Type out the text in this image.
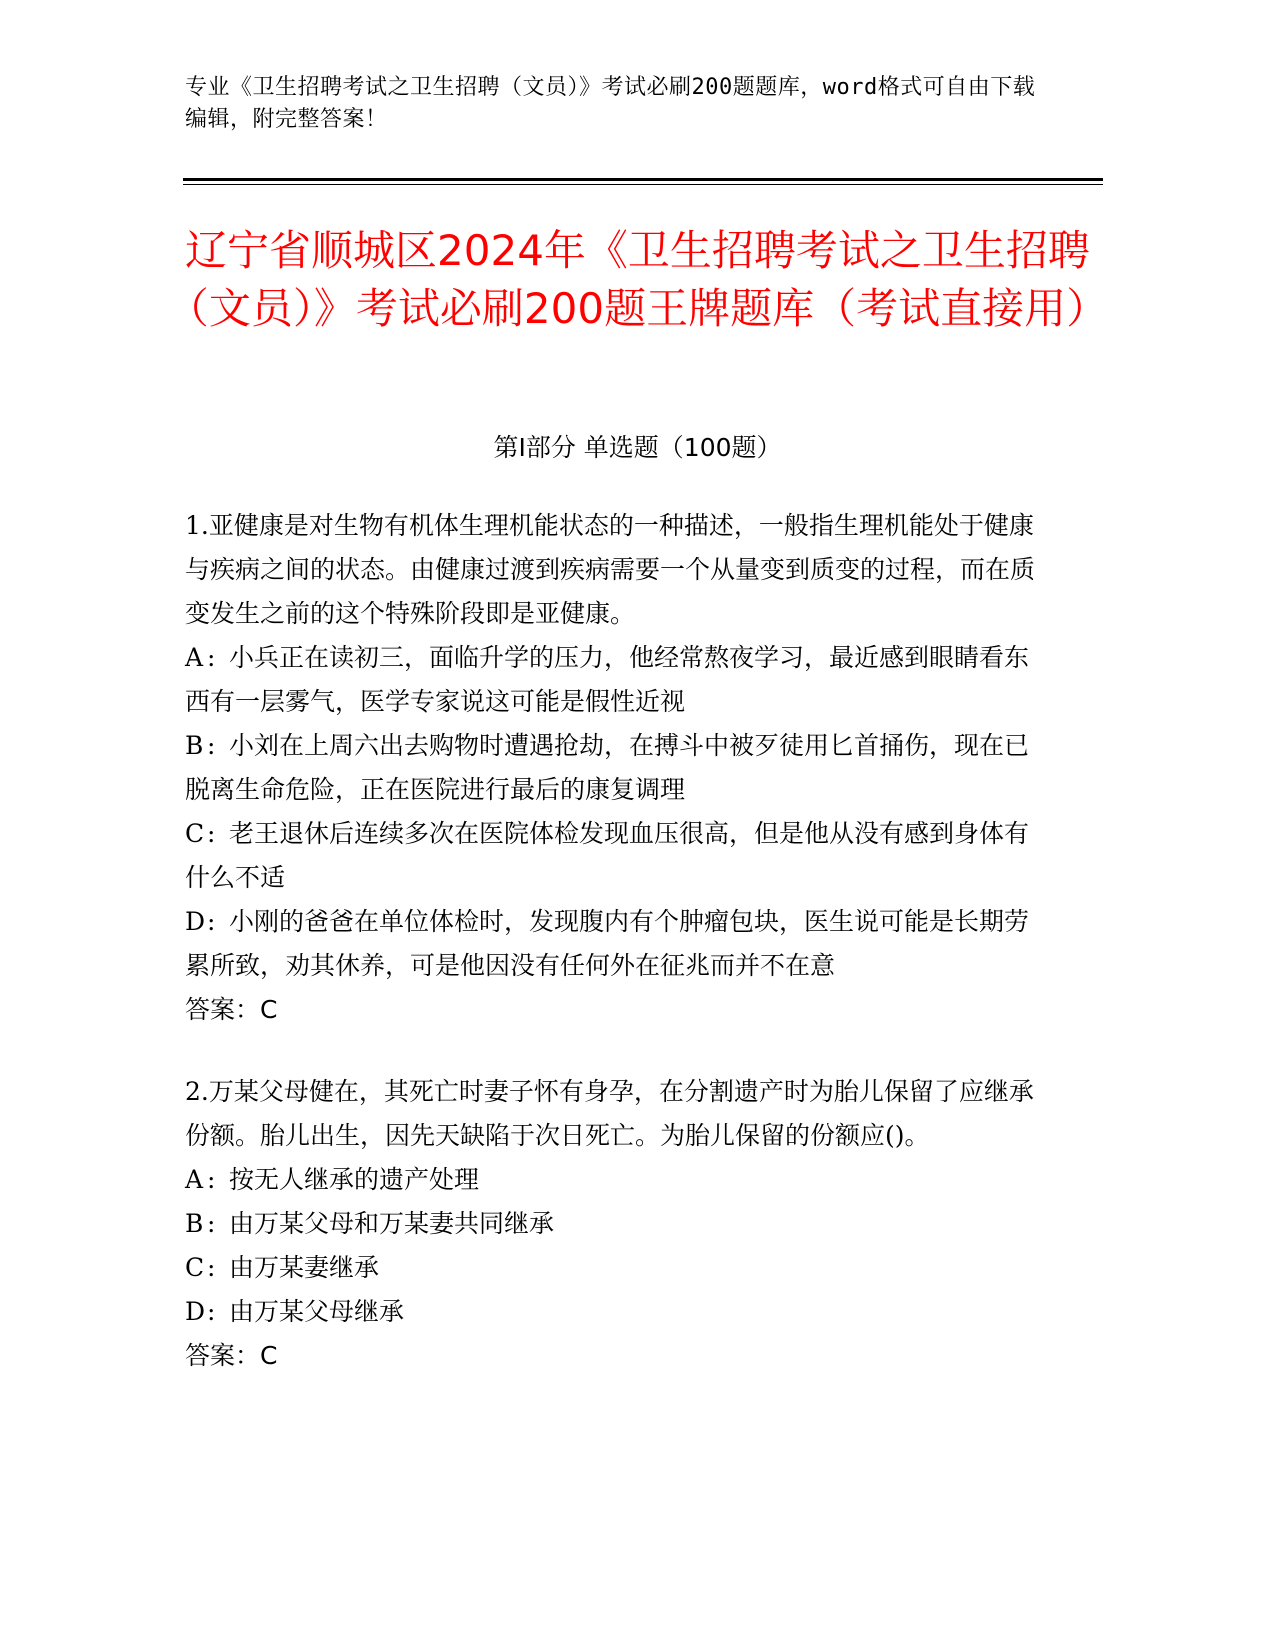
专业《卫生招聘考试之卫生招聘（文员）》考试必刷200题题库，word格式可自由下载编辑，附完整答案！
辽宁省顺城区2024年《卫生招聘考试之卫生招聘（文员）》考试必刷200题王牌题库（考试直接用）
第I部分 单选题（100题）

1.亚健康是对生物有机体生理机能状态的一种描述，一般指生理机能处于健康与疾病之间的状态。由健康过渡到疾病需要一个从量变到质变的过程，而在质变发生之前的这个特殊阶段即是亚健康。

A : 小兵正在读初三，面临升学的压力，他经常熬夜学习，最近感到眼睛看东西有一层雾气，医学专家说这可能是假性近视

B : 小刘在上周六出去购物时遭遇抢劫，在搏斗中被歹徒用匕首捅伤，现在已脱离生命危险，正在医院进行最后的康复调理

C : 老王退休后连续多次在医院体检发现血压很高，但是他从没有感到身体有什么不适

D: 小刚的爸爸在单位体检时，发现腹内有个肿瘤包块，医生说可能是长期劳累所致，劝其休养，可是他因没有任何外在征兆而并不在意

答案：C

2.万某父母健在，其死亡时妻子怀有身孕，在分割遗产时为胎儿保留了应继承份额。胎儿出生，因先天缺陷于次日死亡。为胎儿保留的份额应()。

A : 按无人继承的遗产处理

B : 由万某父母和万某妻共同继承

C : 由万某妻继承

D: 由万某父母继承

答案：C
